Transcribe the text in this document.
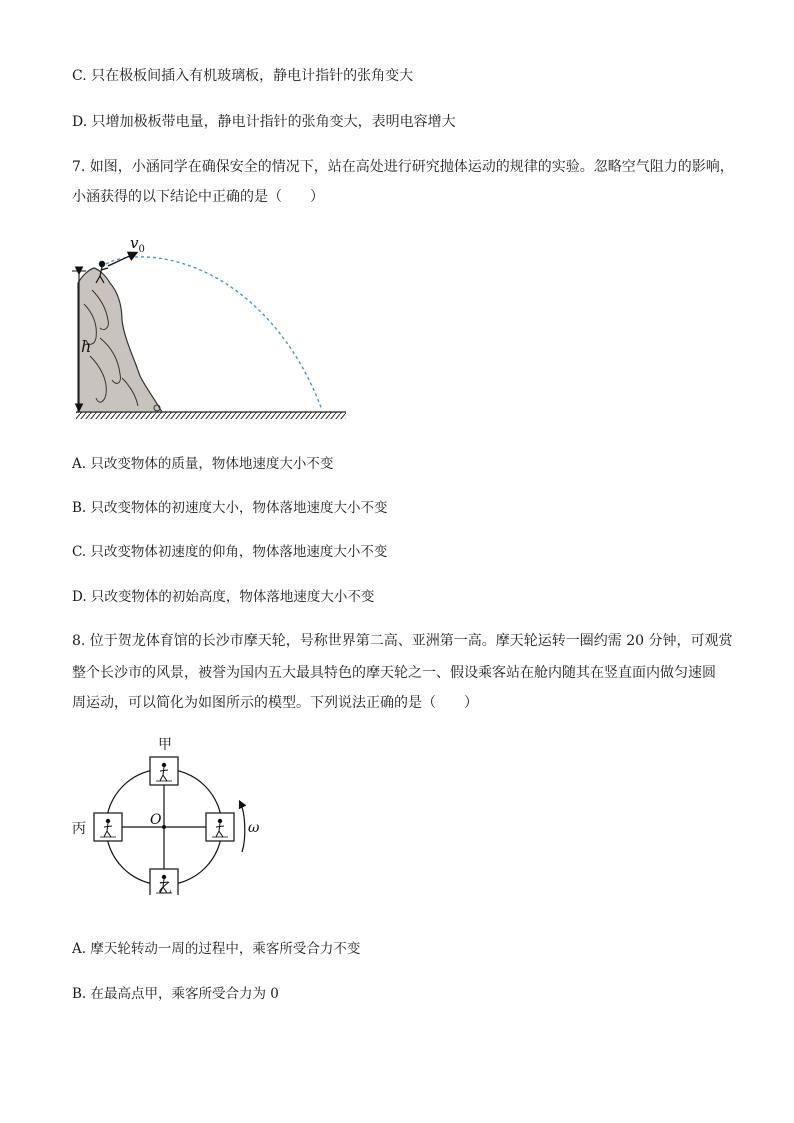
C. 只在极板间插入有机玻璃板，静电计指针的张角变大
D. 只增加极板带电量，静电计指针的张角变大，表明电容增大
7. 如图，小涵同学在确保安全的情况下，站在高处进行研究抛体运动的规律的实验。忽略空气阻力的影响，
小涵获得的以下结论中正确的是（　　）
$v_0$
h
A. 只改变物体的质量，物体地速度大小不变
B. 只改变物体的初速度大小，物体落地速度大小不变
C. 只改变物体初速度的仰角，物体落地速度大小不变
D. 只改变物体的初始高度，物体落地速度大小不变
8. 位于贺龙体育馆的长沙市摩天轮，号称世界第二高、亚洲第一高。摩天轮运转一圈约需 20 分钟，可观赏
整个长沙市的风景，被誉为国内五大最具特色的摩天轮之一、假设乘客站在舱内随其在竖直面内做匀速圆
周运动，可以简化为如图所示的模型。下列说法正确的是（　　）
甲
丙
乙
O	ω
A. 摩天轮转动一周的过程中，乘客所受合力不变
B. 在最高点甲，乘客所受合力为 0
